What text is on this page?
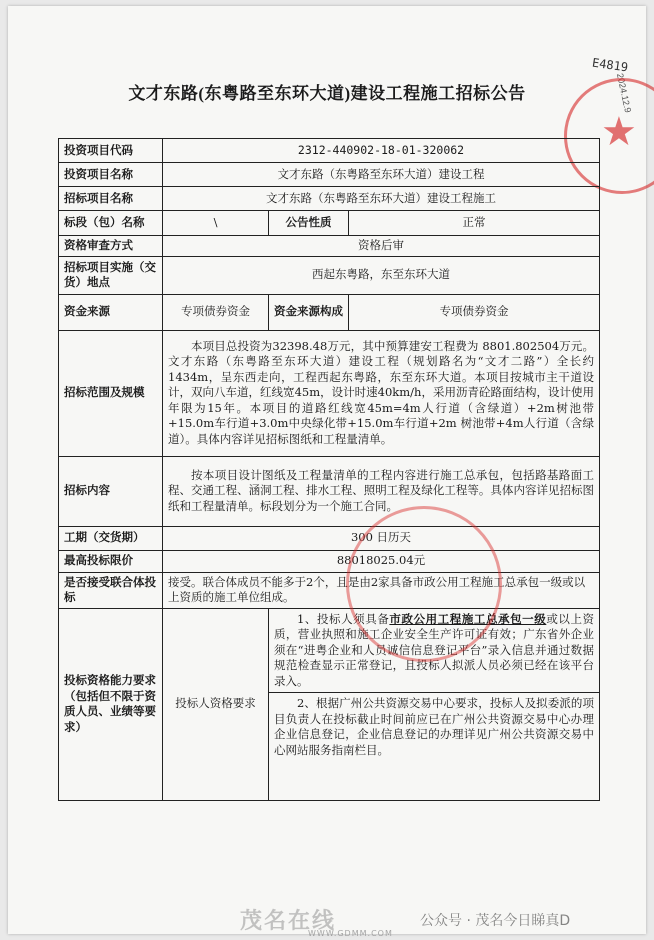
E4819
2024.12.9
文才东路(东粤路至东环大道)建设工程施工招标公告
★
投资项目代码	2312-440902-18-01-320062		
投资项目名称	文才东路（东粤路至东环大道）建设工程		
招标项目名称	文才东路（东粤路至东环大道）建设工程施工		
标段（包）名称	\	公告性质	正常
资格审查方式	资格后审		
招标项目实施（交货）地点	西起东粤路，东至东环大道		
资金来源	专项债券资金	资金来源构成	专项债券资金
招标范围及规模	本项目总投资为32398.48万元，其中预算建安工程费为 8801.802504万元。文才东路（东粤路至东环大道）建设工程（规划路名为“文才二路”）全长约1434m，呈东西走向，工程西起东粤路，东至东环大道。本项目按城市主干道设计，双向八车道，红线宽45m，设计时速40km/h，采用沥青砼路面结构，设计使用年限为15年。本项目的道路红线宽45m=4m人行道（含绿道）+2m树池带+15.0m车行道+3.0m中央绿化带+15.0m车行道+2m 树池带+4m人行道（含绿道）。具体内容详见招标图纸和工程量清单。		
招标内容	按本项目设计图纸及工程量清单的工程内容进行施工总承包，包括路基路面工程、交通工程、涵洞工程、排水工程、照明工程及绿化工程等。具体内容详见招标图纸和工程量清单。标段划分为一个施工合同。		
工期（交货期）	300 日历天		
最高投标限价	88018025.04元		
是否接受联合体投标	接受。联合体成员不能多于2个，且是由2家具备市政公用工程施工总承包一级或以上资质的施工单位组成。		
投标资格能力要求（包括但不限于资质人员、业绩等要求）	投标人资格要求	1、投标人须具备市政公用工程施工总承包一级或以上资质，营业执照和施工企业安全生产许可证有效；广东省外企业须在“进粤企业和人员诚信信息登记平台”录入信息并通过数据规范检查显示正常登记，且投标人拟派人员必须已经在该平台录入。
2、根据广州公共资源交易中心要求，投标人及拟委派的项目负责人在投标截止时间前应已在广州公共资源交易中心办理企业信息登记，企业信息登记的办理详见广州公共资源交易中心网站服务指南栏目。	
茂名在线
WWW.GDMM.COM
公众号 · 茂名今日睇真D
